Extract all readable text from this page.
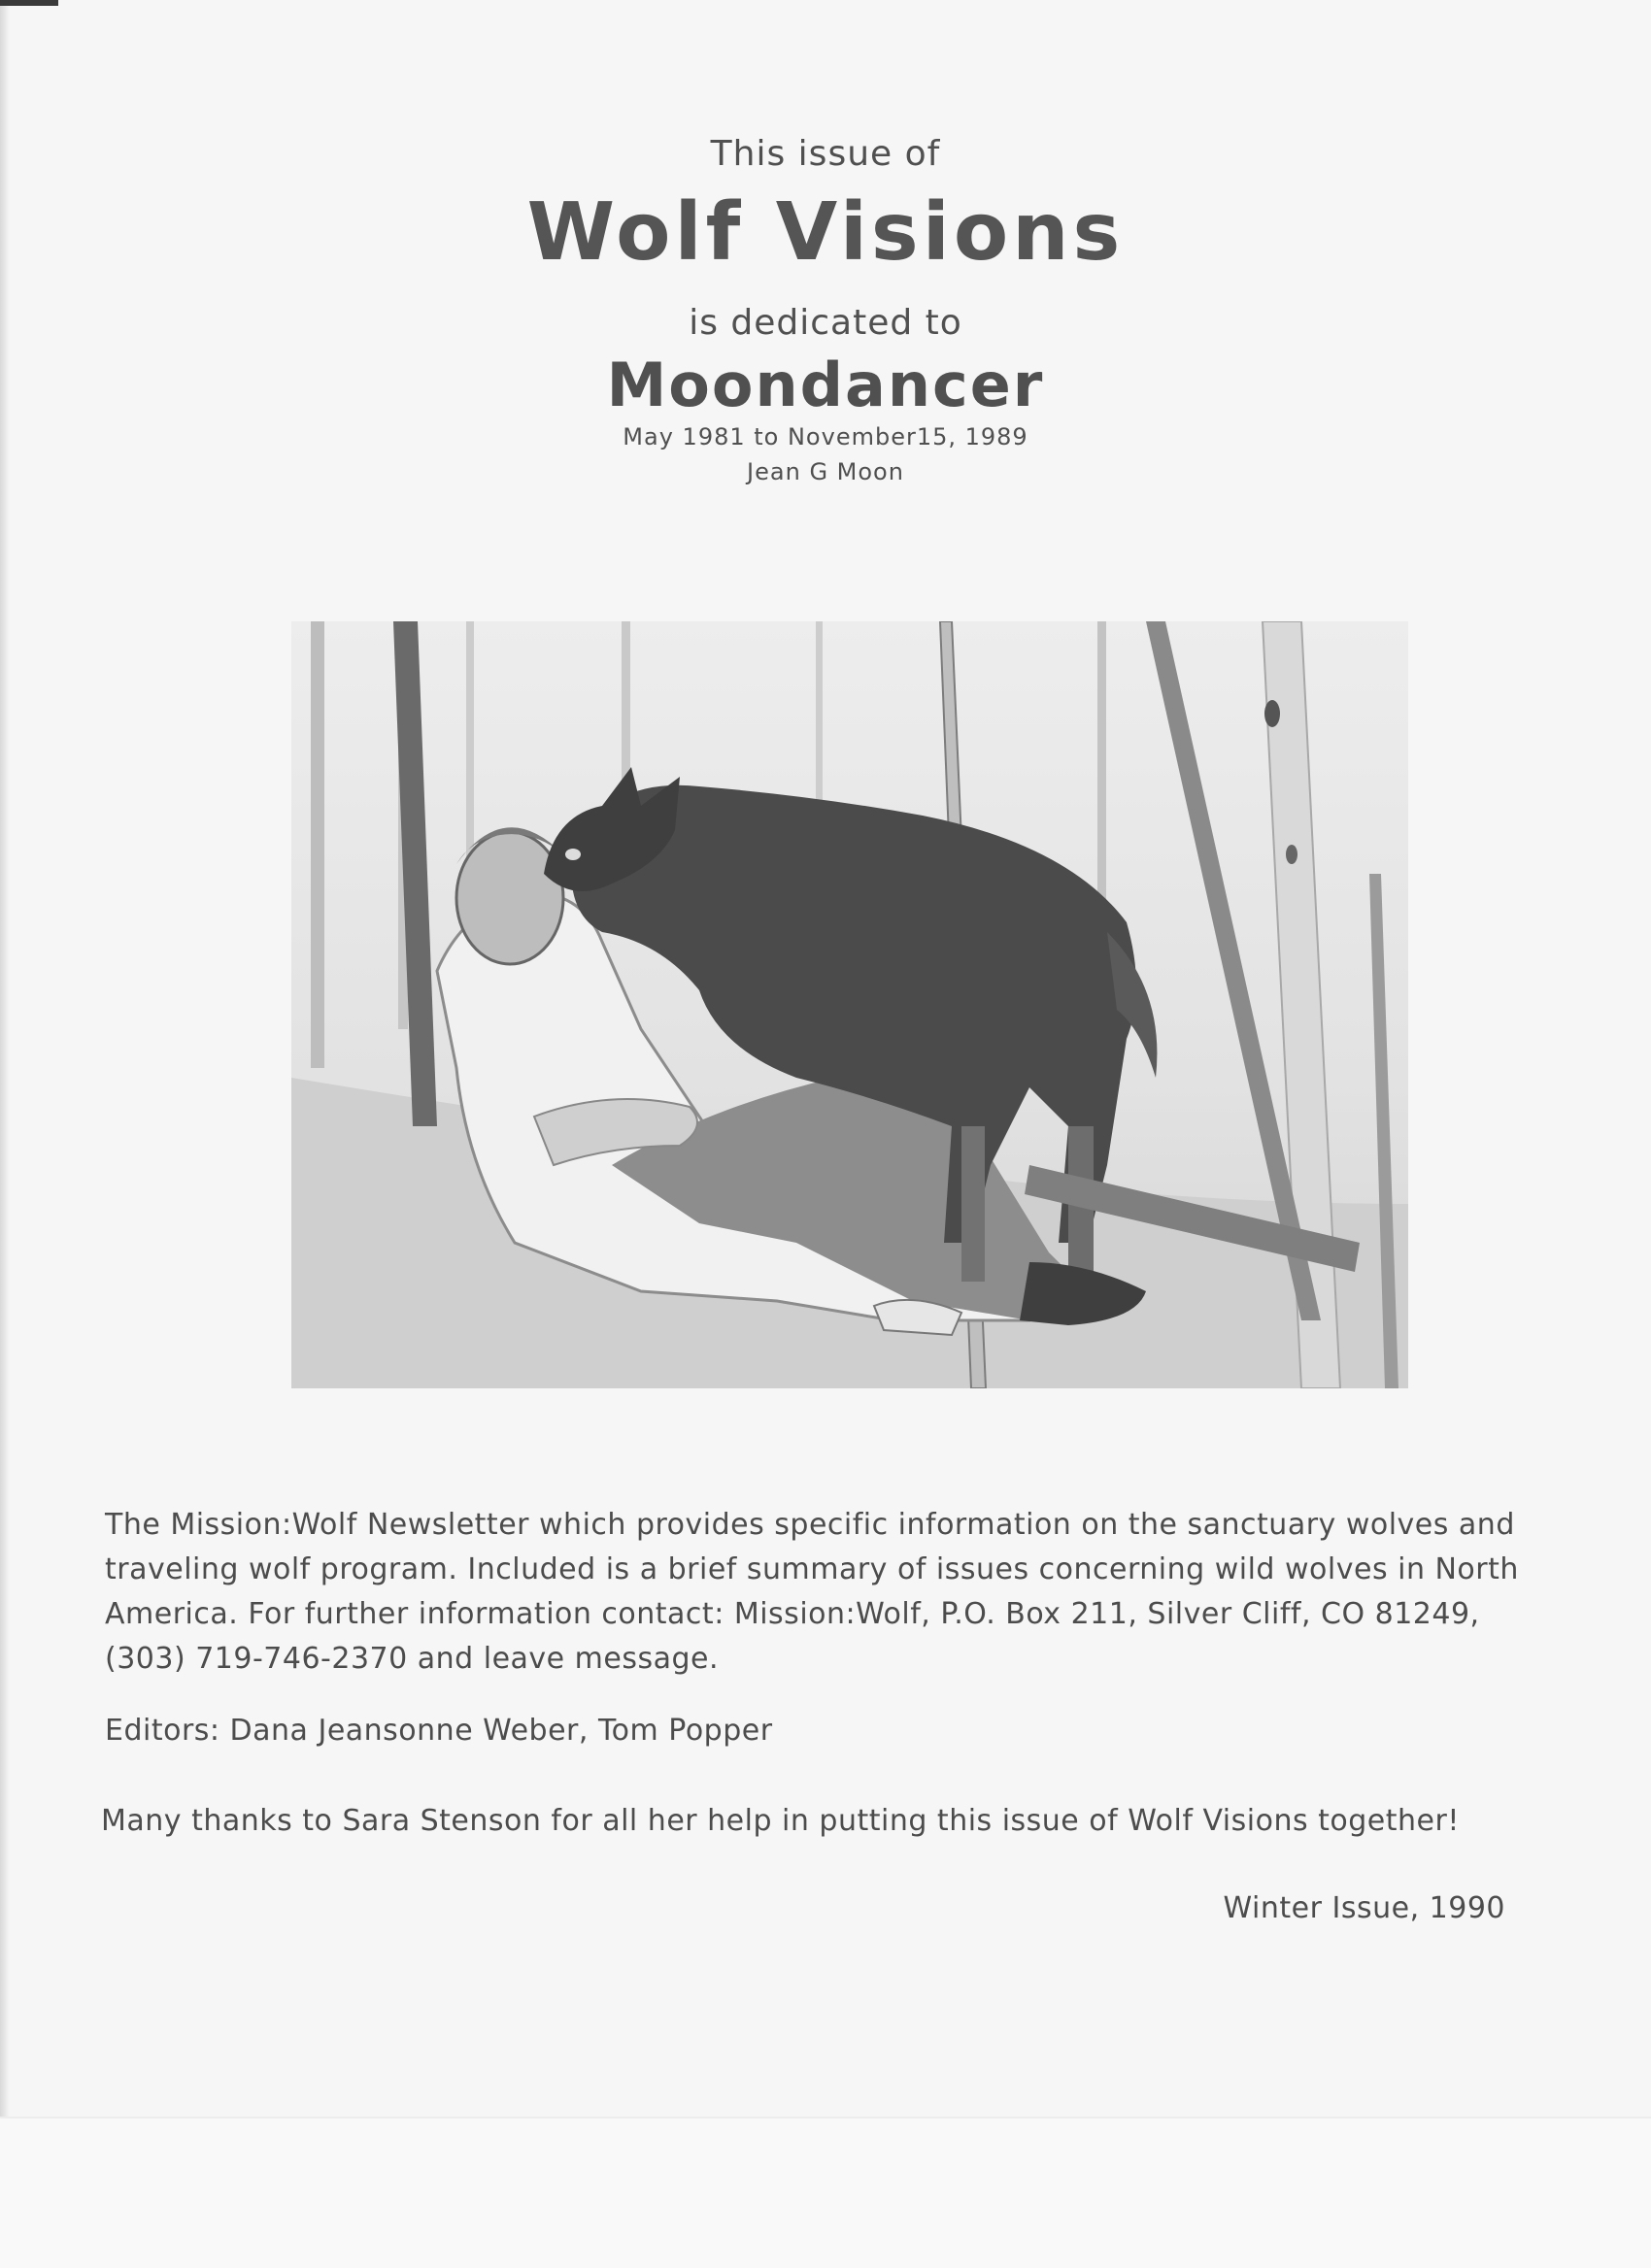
This issue of
Wolf Visions
is dedicated to
Moondancer
May 1981 to November15, 1989
Jean G Moon

The Mission:Wolf Newsletter which provides specific information on the sanctuary wolves and traveling wolf program. Included is a brief summary of issues concerning wild wolves in North America. For further information contact: Mission:Wolf, P.O. Box 211, Silver Cliff, CO 81249, (303) 719-746-2370 and leave message.

Editors: Dana Jeansonne Weber, Tom Popper
Many thanks to Sara Stenson for all her help in putting this issue of Wolf Visions together!
Winter Issue, 1990
